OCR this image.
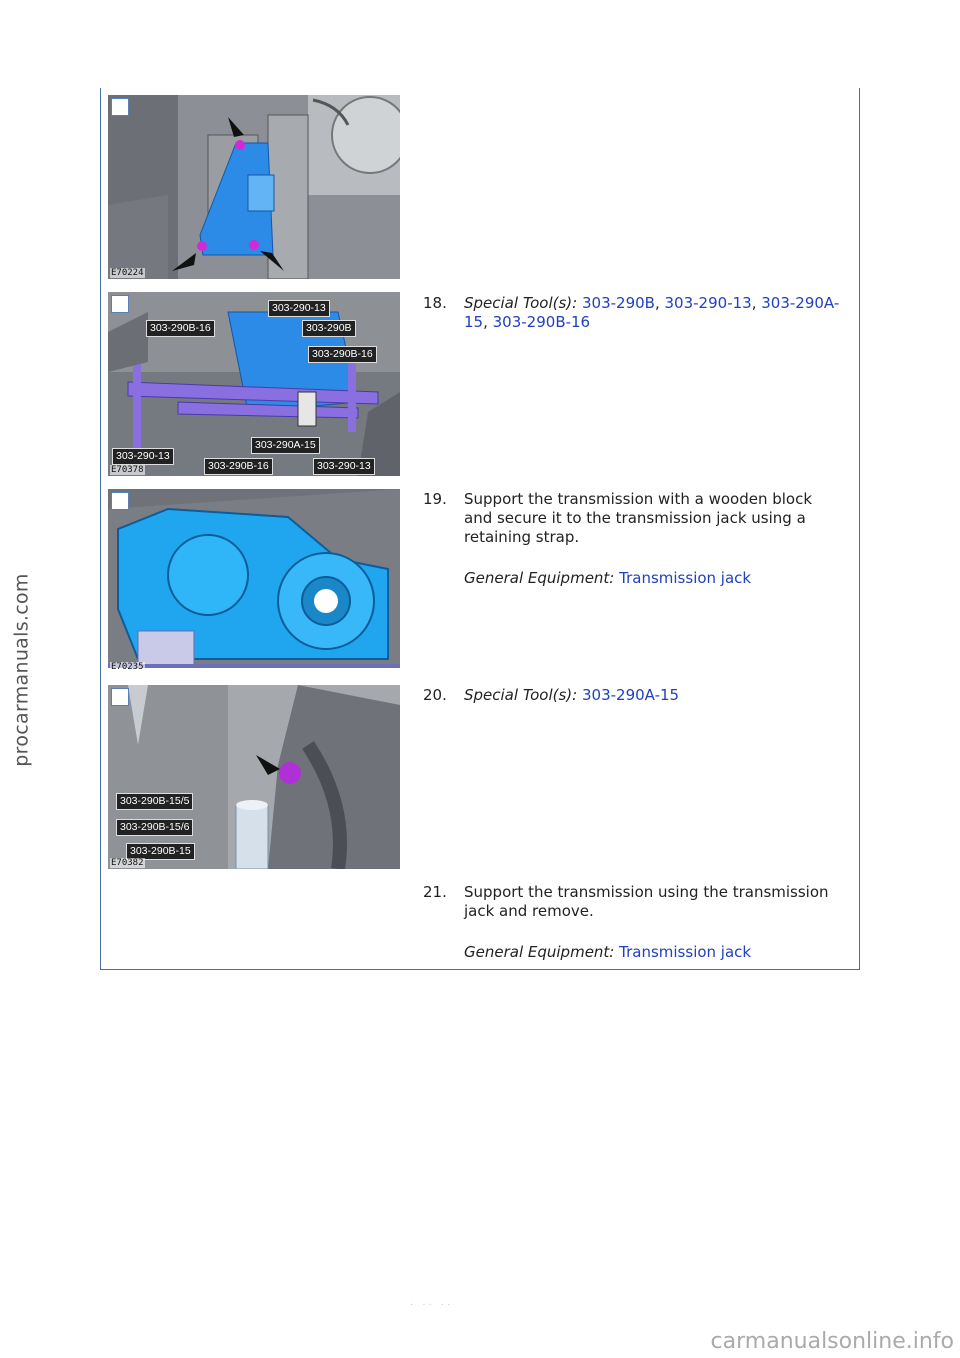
procarmanuals.com
E70224
303-290-13
303-290B-16	303-290B
303-290B-16
303-290A-15
303-290-13
303-290B-16	303-290-13
E70378
18. Special Tool(s): 303-290B, 303-290-13, 303-290A-15, 303-290B-16
E70235
19. Support the transmission with a wooden block and secure it to the transmission jack using a retaining strap.
General Equipment: Transmission jack
303-290B-15/5
303-290B-15/6
303-290B-15
E70382
20. Special Tool(s): 303-290A-15
21. Support the transmission using the transmission jack and remove.
General Equipment: Transmission jack
· ·· ··
carmanualsonline.info
